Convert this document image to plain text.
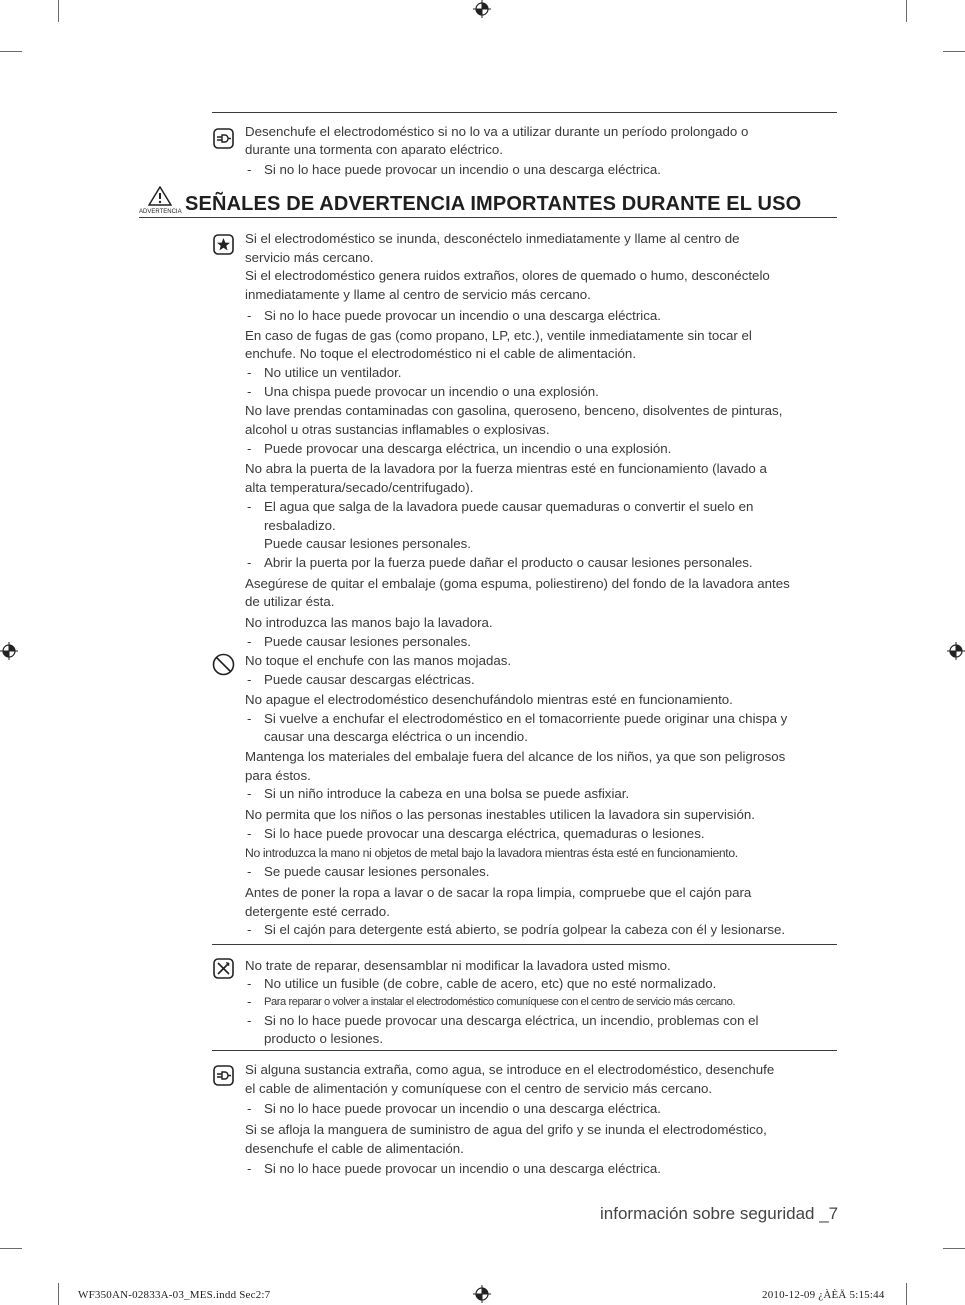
Desenchufe el electrodoméstico si no lo va a utilizar durante un período prolongado o
durante una tormenta con aparato eléctrico.
- Si no lo hace puede provocar un incendio o una descarga eléctrica.
ADVERTENCIA SEÑALES DE ADVERTENCIA IMPORTANTES DURANTE EL USO
Si el electrodoméstico se inunda, desconéctelo inmediatamente y llame al centro de
servicio más cercano.
Si el electrodoméstico genera ruidos extraños, olores de quemado o humo, desconéctelo
inmediatamente y llame al centro de servicio más cercano.
- Si no lo hace puede provocar un incendio o una descarga eléctrica.
En caso de fugas de gas (como propano, LP, etc.), ventile inmediatamente sin tocar el
enchufe. No toque el electrodoméstico ni el cable de alimentación.
- No utilice un ventilador.
- Una chispa puede provocar un incendio o una explosión.
No lave prendas contaminadas con gasolina, queroseno, benceno, disolventes de pinturas,
alcohol u otras sustancias inflamables o explosivas.
- Puede provocar una descarga eléctrica, un incendio o una explosión.
No abra la puerta de la lavadora por la fuerza mientras esté en funcionamiento (lavado a
alta temperatura/secado/centrifugado).
- El agua que salga de la lavadora puede causar quemaduras o convertir el suelo en
resbaladizo.
Puede causar lesiones personales.
- Abrir la puerta por la fuerza puede dañar el producto o causar lesiones personales.
Asegúrese de quitar el embalaje (goma espuma, poliestireno) del fondo de la lavadora antes
de utilizar ésta.
No introduzca las manos bajo la lavadora.
- Puede causar lesiones personales.
No toque el enchufe con las manos mojadas.
- Puede causar descargas eléctricas.
No apague el electrodoméstico desenchufándolo mientras esté en funcionamiento.
- Si vuelve a enchufar el electrodoméstico en el tomacorriente puede originar una chispa y
causar una descarga eléctrica o un incendio.
Mantenga los materiales del embalaje fuera del alcance de los niños, ya que son peligrosos
para éstos.
- Si un niño introduce la cabeza en una bolsa se puede asfixiar.
No permita que los niños o las personas inestables utilicen la lavadora sin supervisión.
- Si lo hace puede provocar una descarga eléctrica, quemaduras o lesiones.
No introduzca la mano ni objetos de metal bajo la lavadora mientras ésta esté en funcionamiento.
- Se puede causar lesiones personales.
Antes de poner la ropa a lavar o de sacar la ropa limpia, compruebe que el cajón para
detergente esté cerrado.
- Si el cajón para detergente está abierto, se podría golpear la cabeza con él y lesionarse.
No trate de reparar, desensamblar ni modificar la lavadora usted mismo.
- No utilice un fusible (de cobre, cable de acero, etc) que no esté normalizado.
- Para reparar o volver a instalar el electrodoméstico comuníquese con el centro de servicio más cercano.
- Si no lo hace puede provocar una descarga eléctrica, un incendio, problemas con el
producto o lesiones.
Si alguna sustancia extraña, como agua, se introduce en el electrodoméstico, desenchufe
el cable de alimentación y comuníquese con el centro de servicio más cercano.
- Si no lo hace puede provocar un incendio o una descarga eléctrica.
Si se afloja la manguera de suministro de agua del grifo y se inunda el electrodoméstico,
desenchufe el cable de alimentación.
- Si no lo hace puede provocar un incendio o una descarga eléctrica.
información sobre seguridad _7
WF350AN-02833A-03_MES.indd Sec2:7	2010-12-09 ¿ÀÈÄ 5:15:44
